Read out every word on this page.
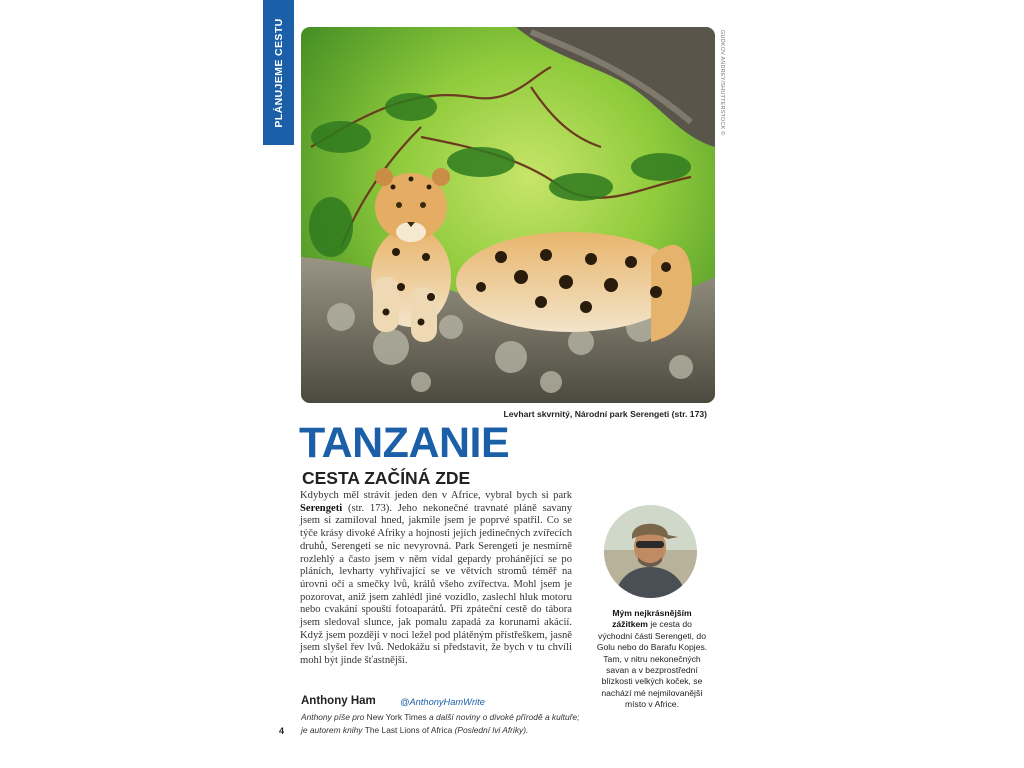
PLÁNUJEME CESTU	GUDKOV ANDREY/SHUTTERSTOCK ©
Levhart skvrnitý, Národní park Serengeti (str. 173)
TANZANIE
CESTA ZAČÍNÁ ZDE
Kdybych měl strávit jeden den v Africe, vybral bych si park Serengeti (str. 173). Jeho nekonečné travnaté pláně savany jsem si zamiloval hned, jakmile jsem je poprvé spatřil. Co se týče krásy divoké Afriky a hojnosti jejích jedinečných zvířecích druhů, Serengeti se nic nevyrovná. Park Serengeti je nesmírně rozlehlý a často jsem v něm vídal gepardy prohánějící se po pláních, levharty vyhřívající se ve větvích stromů téměř na úrovni očí a smečky lvů, králů všeho zvířectva. Mohl jsem je pozorovat, aniž jsem zahlédl jiné vozidlo, zaslechl hluk motoru nebo cvakání spouští fotoaparátů. Při zpáteční cestě do tábora jsem sledoval slunce, jak pomalu zapadá za korunami akácií. Když jsem později v noci ležel pod plátěným přístřeškem, jasně jsem slyšel řev lvů. Nedokážu si představit, že bych v tu chvíli mohl být jinde šťastnější.
Anthony Ham	@AnthonyHamWrite
Anthony píše pro New York Times a další noviny o divoké přírodě a kultuře; je autorem knihy The Last Lions of Africa (Poslední lvi Afriky).
4
Mým nejkrásnějším zážitkem je cesta do východní části Serengeti, do Golu nebo do Barafu Kopjes. Tam, v nitru nekonečných savan a v bezprostřední blízkosti velkých koček, se nachází mé nejmilovanější místo v Africe.
